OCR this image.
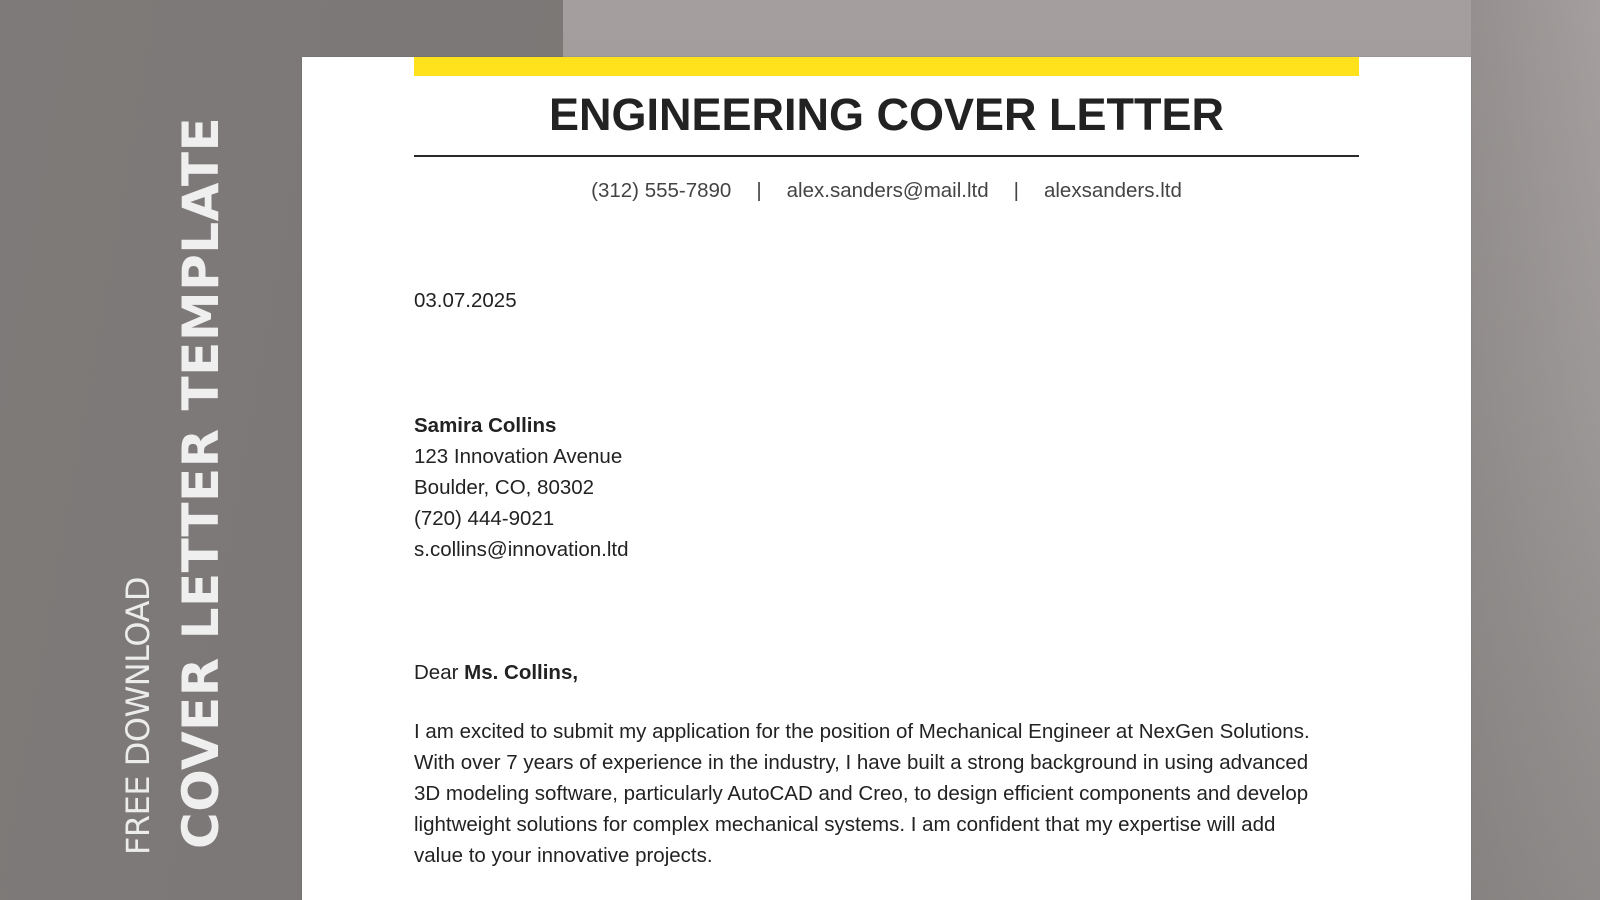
COVER LETTER TEMPLATE
FREE DOWNLOAD
ENGINEERING COVER LETTER
(312) 555-7890 | alex.sanders@mail.ltd | alexsanders.ltd
03.07.2025
Samira Collins
123 Innovation Avenue
Boulder, CO, 80302
(720) 444-9021
s.collins@innovation.ltd
Dear Ms. Collins,
I am excited to submit my application for the position of Mechanical Engineer at NexGen Solutions.
With over 7 years of experience in the industry, I have built a strong background in using advanced
3D modeling software, particularly AutoCAD and Creo, to design efficient components and develop
lightweight solutions for complex mechanical systems. I am confident that my expertise will add
value to your innovative projects.
